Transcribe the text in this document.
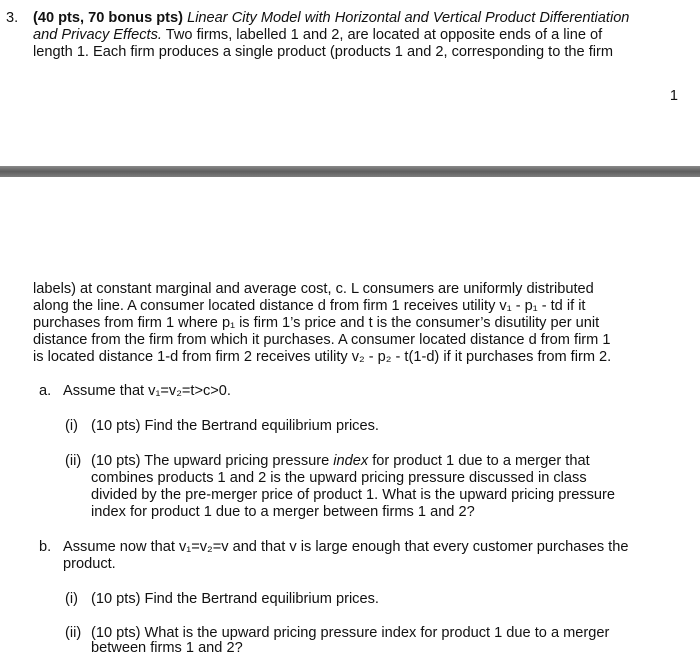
3. (40 pts, 70 bonus pts) Linear City Model with Horizontal and Vertical Product Differentiation
and Privacy Effects. Two firms, labelled 1 and 2, are located at opposite ends of a line of
length 1. Each firm produces a single product (products 1 and 2, corresponding to the firm
1
labels) at constant marginal and average cost, c. L consumers are uniformly distributed
along the line. A consumer located distance d from firm 1 receives utility v₁ - p₁ - td if it
purchases from firm 1 where p₁ is firm 1’s price and t is the consumer’s disutility per unit
distance from the firm from which it purchases. A consumer located distance d from firm 1
is located distance 1-d from firm 2 receives utility v₂ - p₂ - t(1-d) if it purchases from firm 2.
a. Assume that v₁=v₂=t>c>0.
(i) (10 pts) Find the Bertrand equilibrium prices.
(ii) (10 pts) The upward pricing pressure index for product 1 due to a merger that
combines products 1 and 2 is the upward pricing pressure discussed in class
divided by the pre-merger price of product 1. What is the upward pricing pressure
index for product 1 due to a merger between firms 1 and 2?
b. Assume now that v₁=v₂=v and that v is large enough that every customer purchases the
product.
(i) (10 pts) Find the Bertrand equilibrium prices.
(ii) (10 pts) What is the upward pricing pressure index for product 1 due to a merger
between firms 1 and 2?
